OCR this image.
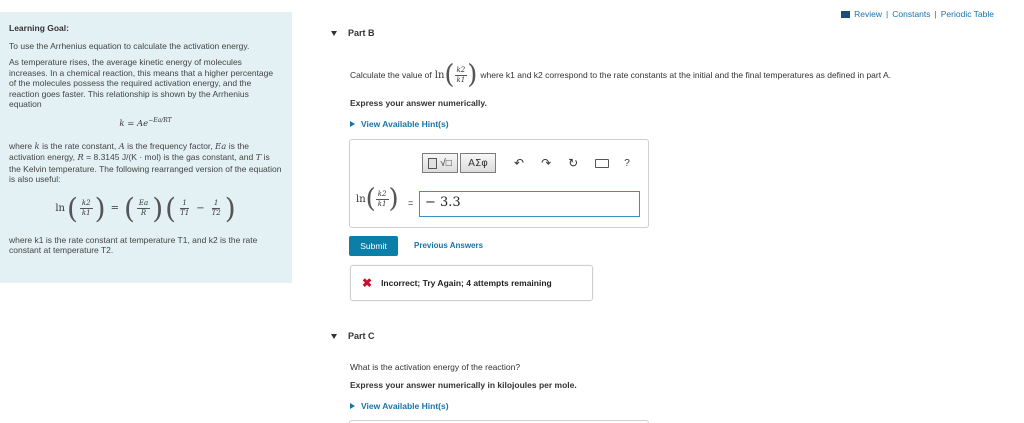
Review | Constants | Periodic Table
Learning Goal:
To use the Arrhenius equation to calculate the activation energy.
As temperature rises, the average kinetic energy of molecules increases. In a chemical reaction, this means that a higher percentage of the molecules possess the required activation energy, and the reaction goes faster. This relationship is shown by the Arrhenius equation
$k = Ae^{-Ea/RT}$
where k is the rate constant, A is the frequency factor, Ea is the activation energy, R = 8.3145 J/(K · mol) is the gas constant, and T is the Kelvin temperature. The following rearranged version of the equation is also useful:
ln ( $\frac{k2}{k1}$ ) = ( $\frac{Ea}{R}$ ) ( $\frac{1}{T1} - \frac{1}{T2}$ )
where k1 is the rate constant at temperature T1, and k2 is the rate constant at temperature T2.
Part B
Calculate the value of ln ( $\frac{k2}{k1}$ ) where k1 and k2 correspond to the rate constants at the initial and the final temperatures as defined in part A.
Express your answer numerically.
View Available Hint(s)
√□	ΑΣφ	↶ ↷ ↻	?
ln ( $\frac{k2}{k1}$ ) = − 3.3
Submit	Previous Answers
✖ Incorrect; Try Again; 4 attempts remaining
Part C
What is the activation energy of the reaction?
Express your answer numerically in kilojoules per mole.
View Available Hint(s)
